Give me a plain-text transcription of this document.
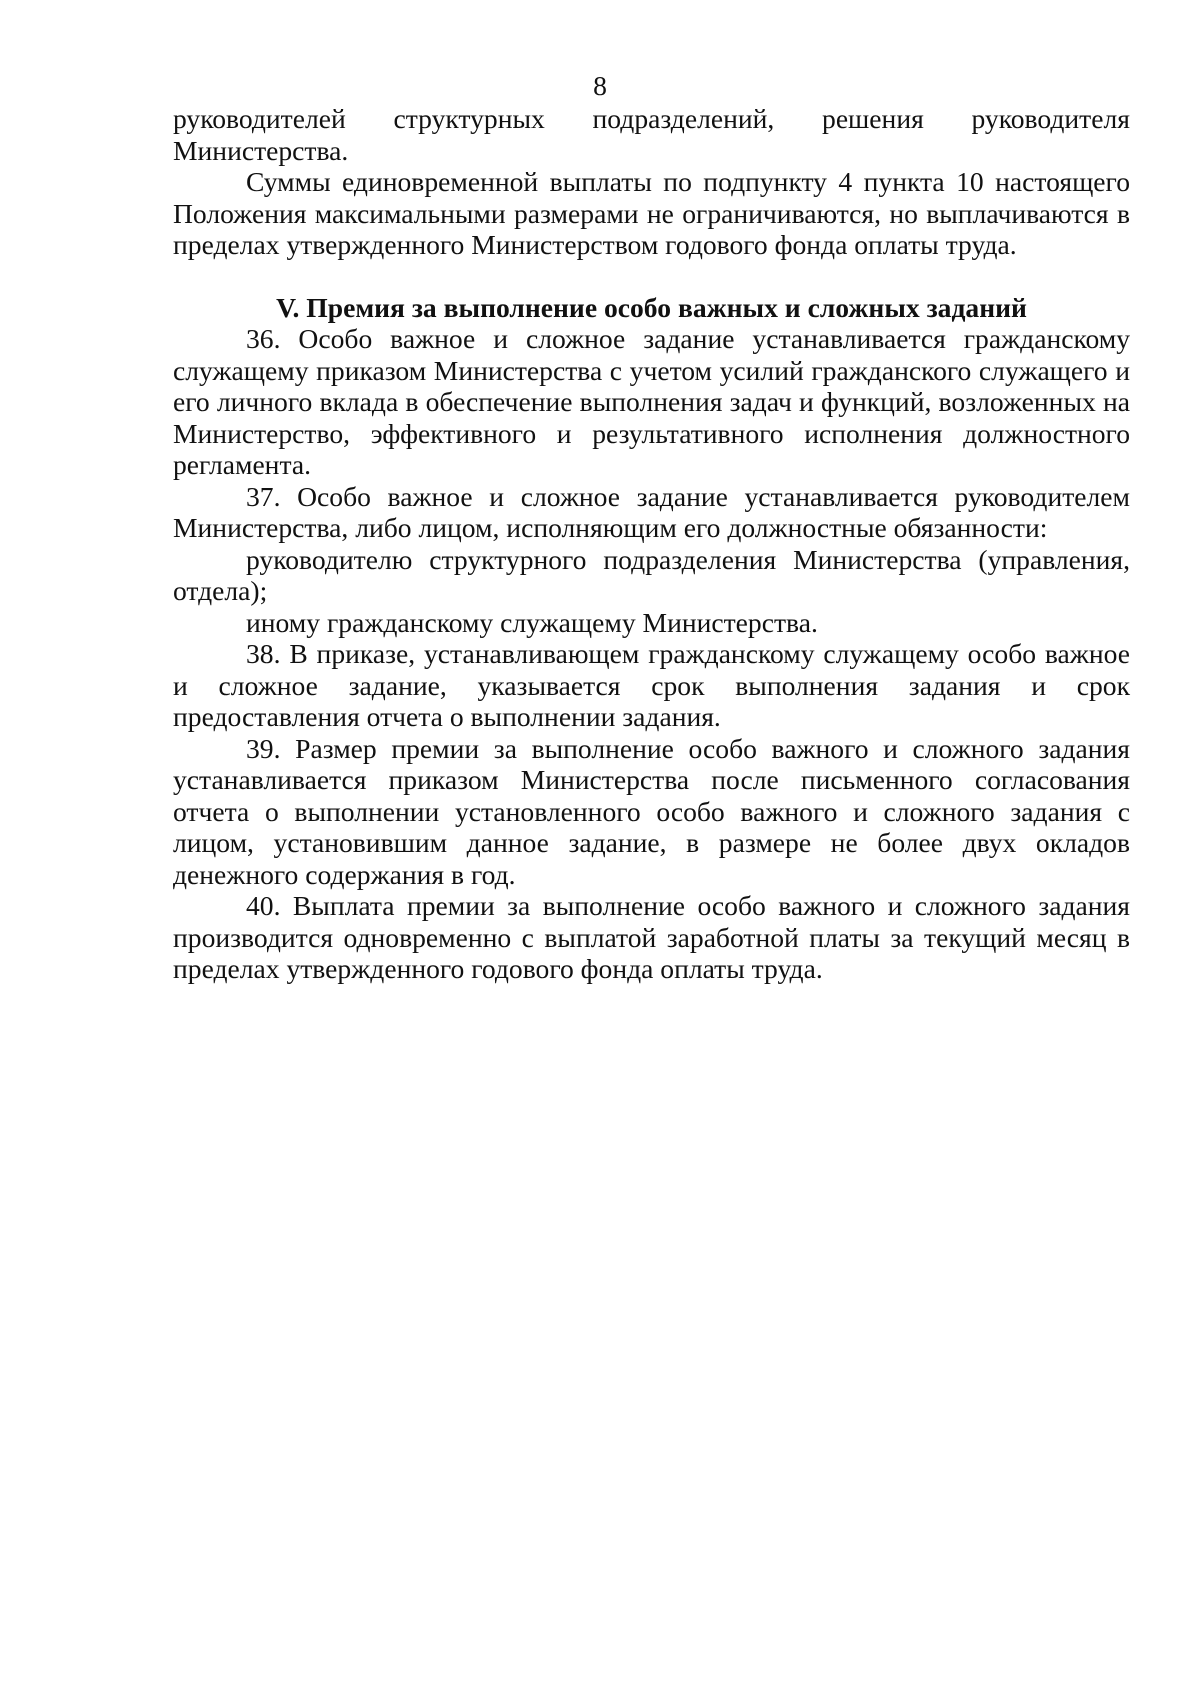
8
руководителей структурных подразделений, решения руководителя

Министерства.

Суммы единовременной выплаты по подпункту 4 пункта 10 настоящего Положения максимальными размерами не ограничиваются, но выплачиваются в пределах утвержденного Министерством годового фонда оплаты труда.

V. Премия за выполнение особо важных и сложных заданий

36. Особо важное и сложное задание устанавливается гражданскому служащему приказом Министерства с учетом усилий гражданского служащего и его личного вклада в обеспечение выполнения задач и функций, возложенных на Министерство, эффективного и результативного исполнения должностного регламента.

37. Особо важное и сложное задание устанавливается руководителем Министерства, либо лицом, исполняющим его должностные обязанности:

руководителю структурного подразделения Министерства (управления, отдела);

иному гражданскому служащему Министерства.

38. В приказе, устанавливающем гражданскому служащему особо важное и сложное задание, указывается срок выполнения задания и срок предоставления отчета о выполнении задания.

39. Размер премии за выполнение особо важного и сложного задания устанавливается приказом Министерства после письменного согласования отчета о выполнении установленного особо важного и сложного задания с лицом, установившим данное задание, в размере не более двух окладов денежного содержания в год.

40. Выплата премии за выполнение особо важного и сложного задания производится одновременно с выплатой заработной платы за текущий месяц в пределах утвержденного годового фонда оплаты труда.
